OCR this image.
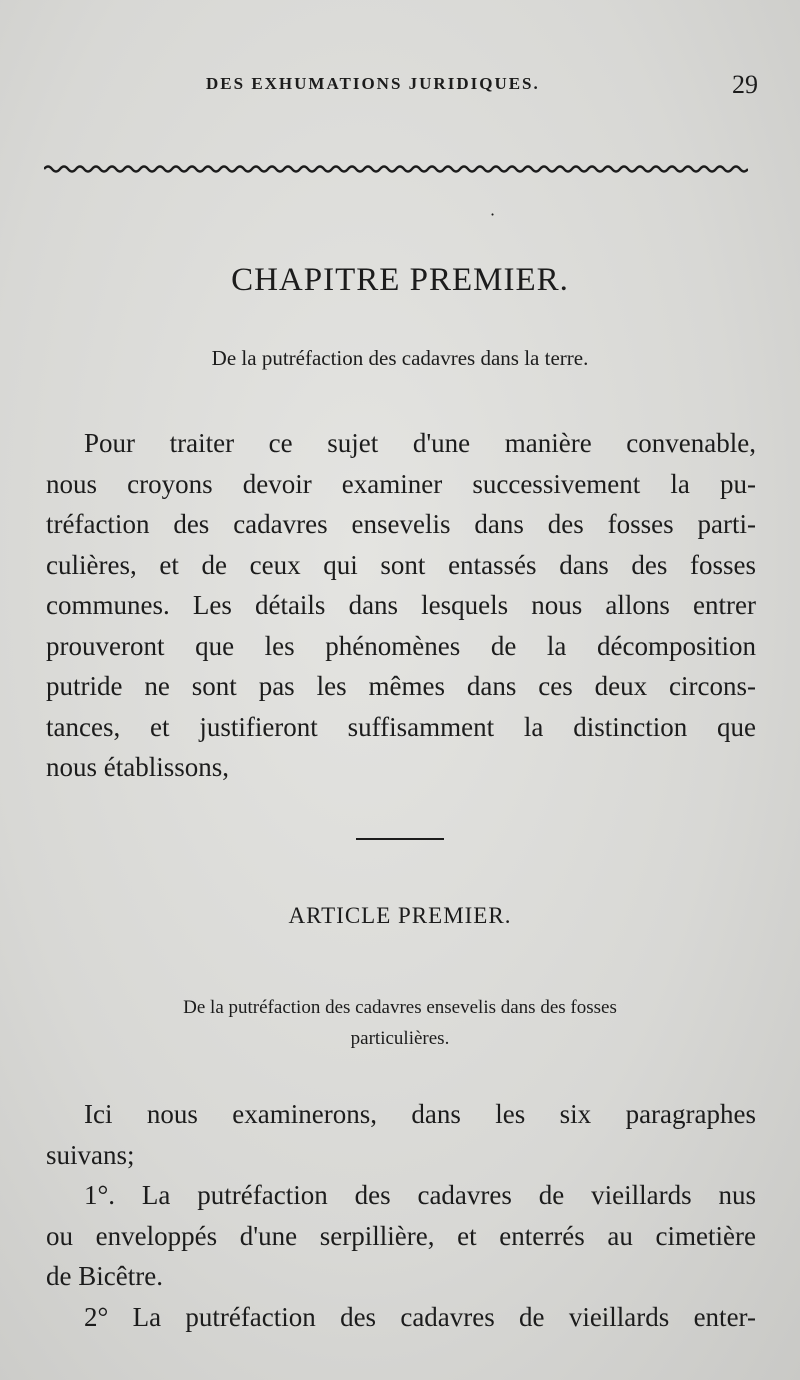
DES EXHUMATIONS JURIDIQUES.	29
·
CHAPITRE PREMIER.
De la putréfaction des cadavres dans la terre.
Pour traiter ce sujet d'une manière convenable,
nous croyons devoir examiner successivement la pu-
tréfaction des cadavres ensevelis dans des fosses parti-
culières, et de ceux qui sont entassés dans des fosses
communes. Les détails dans lesquels nous allons entrer
prouveront que les phénomènes de la décomposition
putride ne sont pas les mêmes dans ces deux circons-
tances, et justifieront suffisamment la distinction que
nous établissons,
ARTICLE PREMIER.
De la putréfaction des cadavres ensevelis dans des fosses
particulières.
Ici nous examinerons, dans les six paragraphes
suivans;
1°. La putréfaction des cadavres de vieillards nus
ou enveloppés d'une serpillière, et enterrés au cimetière
de Bicêtre.
2° La putréfaction des cadavres de vieillards enter-
